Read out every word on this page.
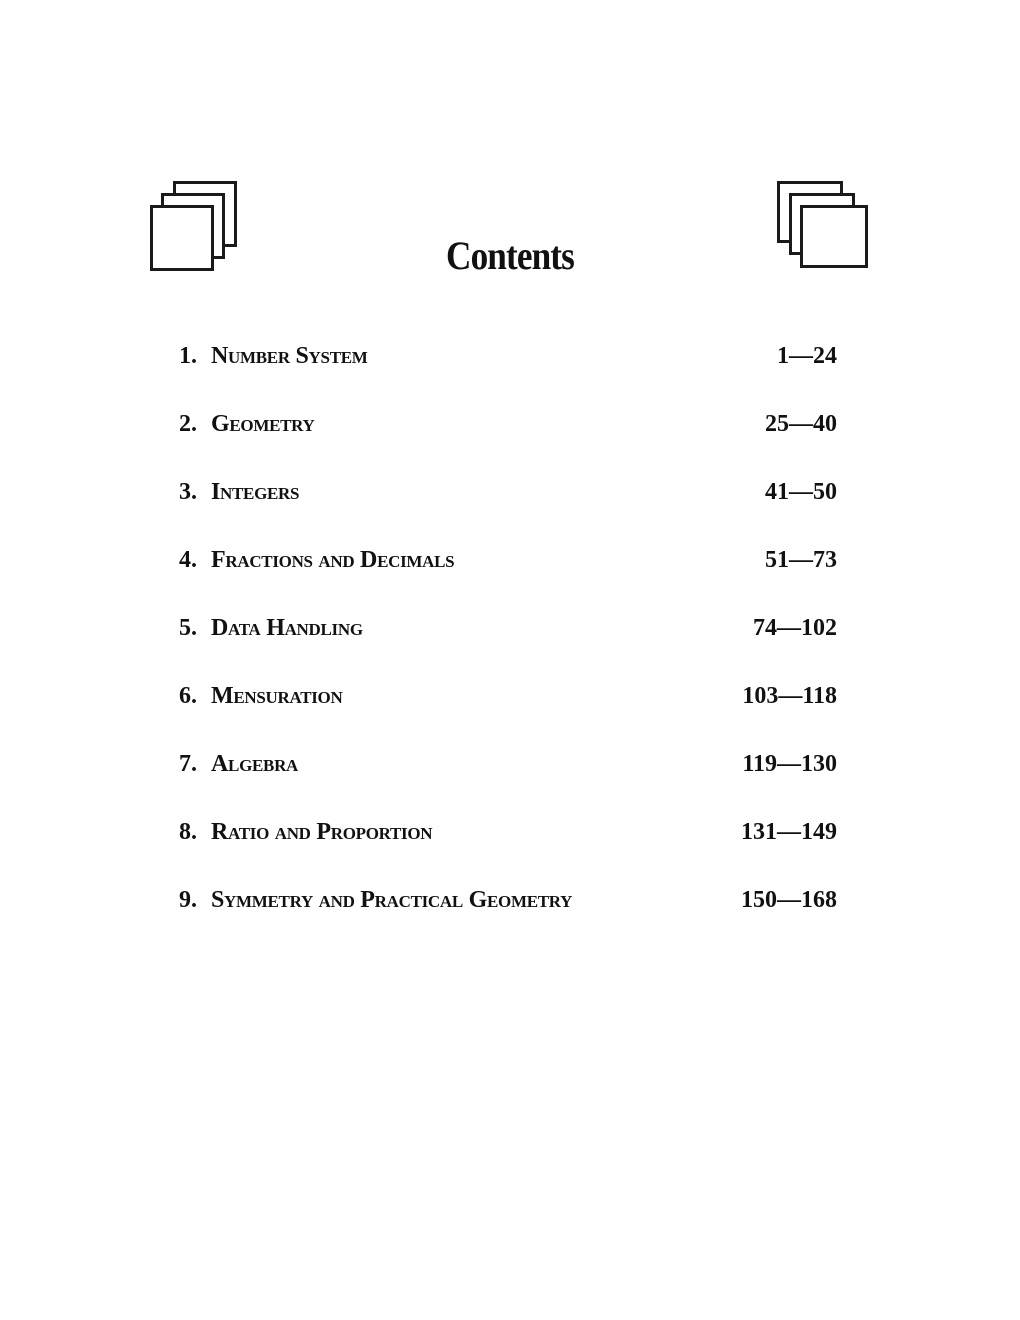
Contents
1. Number System	1—24
2. Geometry	25—40
3. Integers	41—50
4. Fractions and Decimals	51—73
5. Data Handling	74—102
6. Mensuration	103—118
7. Algebra	119—130
8. Ratio and Proportion	131—149
9. Symmetry and Practical Geometry	150—168
